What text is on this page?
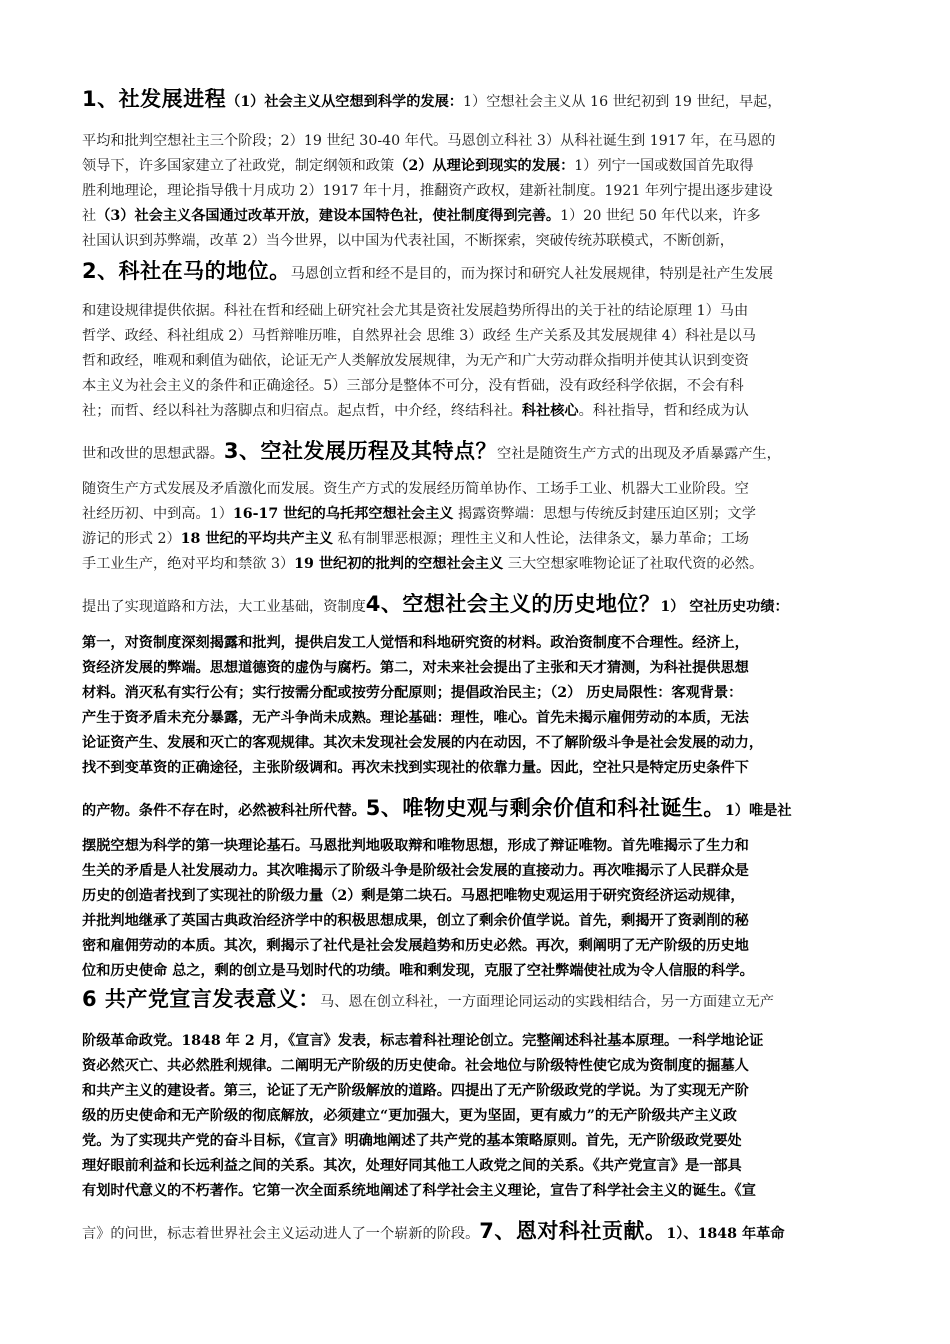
1、社发展进程（1）社会主义从空想到科学的发展：1）空想社会主义从 16 世纪初到 19 世纪，早起，
平均和批判空想社主三个阶段；2）19 世纪 30-40 年代。马恩创立科社 3）从科社诞生到 1917 年，在马恩的
领导下，许多国家建立了社政党，制定纲领和政策（2）从理论到现实的发展：1）列宁一国或数国首先取得
胜利地理论，理论指导俄十月成功 2）1917 年十月，推翻资产政权，建新社制度。1921 年列宁提出逐步建设
社（3）社会主义各国通过改革开放，建设本国特色社，使社制度得到完善。1）20 世纪 50 年代以来，许多
社国认识到苏弊端，改革 2）当今世界，以中国为代表社国，不断探索，突破传统苏联模式，不断创新，
2、科社在马的地位。马恩创立哲和经不是目的，而为探讨和研究人社发展规律，特别是社产生发展
和建设规律提供依据。科社在哲和经础上研究社会尤其是资社发展趋势所得出的关于社的结论原理 1）马由
哲学、政经、科社组成 2）马哲辩唯历唯，自然界社会 思维 3）政经 生产关系及其发展规律 4）科社是以马
哲和政经，唯观和剩值为础依，论证无产人类解放发展规律，为无产和广大劳动群众指明并使其认识到变资
本主义为社会主义的条件和正确途径。5）三部分是整体不可分，没有哲础，没有政经科学依据，不会有科
社；而哲、经以科社为落脚点和归宿点。起点哲，中介经，终结科社。科社核心。科社指导，哲和经成为认
世和改世的思想武器。3、空社发展历程及其特点？空社是随资生产方式的出现及矛盾暴露产生，
随资生产方式发展及矛盾激化而发展。资生产方式的发展经历简单协作、工场手工业、机器大工业阶段。空
社经历初、中到高。1）16-17 世纪的乌托邦空想社会主义 揭露资弊端：思想与传统反封建压迫区别；文学
游记的形式 2）18 世纪的平均共产主义 私有制罪恶根源；理性主义和人性论，法律条文，暴力革命；工场
手工业生产，绝对平均和禁欲 3）19 世纪初的批判的空想社会主义 三大空想家唯物论证了社取代资的必然。
提出了实现道路和方法，大工业基础，资制度4、空想社会主义的历史地位？1） 空社历史功绩：
第一，对资制度深刻揭露和批判，提供启发工人觉悟和科地研究资的材料。政治资制度不合理性。经济上，
资经济发展的弊端。思想道德资的虚伪与腐朽。第二，对未来社会提出了主张和天才猜测，为科社提供思想
材料。消灭私有实行公有；实行按需分配或按劳分配原则；提倡政治民主；（2） 历史局限性：客观背景：
产生于资矛盾未充分暴露，无产斗争尚未成熟。理论基础：理性，唯心。首先未揭示雇佣劳动的本质，无法
论证资产生、发展和灭亡的客观规律。其次未发现社会发展的内在动因，不了解阶级斗争是社会发展的动力，
找不到变革资的正确途径，主张阶级调和。再次未找到实现社的依靠力量。因此，空社只是特定历史条件下
的产物。条件不存在时，必然被科社所代替。5、唯物史观与剩余价值和科社诞生。1）唯是社
摆脱空想为科学的第一块理论基石。马恩批判地吸取辩和唯物思想，形成了辩证唯物。首先唯揭示了生力和
生关的矛盾是人社发展动力。其次唯揭示了阶级斗争是阶级社会发展的直接动力。再次唯揭示了人民群众是
历史的创造者找到了实现社的阶级力量（2）剩是第二块石。马恩把唯物史观运用于研究资经济运动规律，
并批判地继承了英国古典政治经济学中的积极思想成果，创立了剩余价值学说。首先，剩揭开了资剥削的秘
密和雇佣劳动的本质。其次，剩揭示了社代是社会发展趋势和历史必然。再次，剩阐明了无产阶级的历史地
位和历史使命 总之，剩的创立是马划时代的功绩。唯和剩发现，克服了空社弊端使社成为令人信服的科学。
6 共产党宣言发表意义：马、恩在创立科社，一方面理论同运动的实践相结合，另一方面建立无产
阶级革命政党。1848 年 2 月，《宣言》发表，标志着科社理论创立。完整阐述科社基本原理。一科学地论证
资必然灭亡、共必然胜利规律。二阐明无产阶级的历史使命。社会地位与阶级特性使它成为资制度的掘墓人
和共产主义的建设者。第三，论证了无产阶级解放的道路。四提出了无产阶级政党的学说。为了实现无产阶
级的历史使命和无产阶级的彻底解放，必须建立“更加强大，更为坚固，更有威力”的无产阶级共产主义政
党。为了实现共产党的奋斗目标，《宣言》明确地阐述了共产党的基本策略原则。首先，无产阶级政党要处
理好眼前利益和长远利益之间的关系。其次，处理好同其他工人政党之间的关系。《共产党宣言》是一部具
有划时代意义的不朽著作。它第一次全面系统地阐述了科学社会主义理论，宣告了科学社会主义的诞生。《宣
言》的问世，标志着世界社会主义运动进人了一个崭新的阶段。7、恩对科社贡献。1）、1848 年革命
